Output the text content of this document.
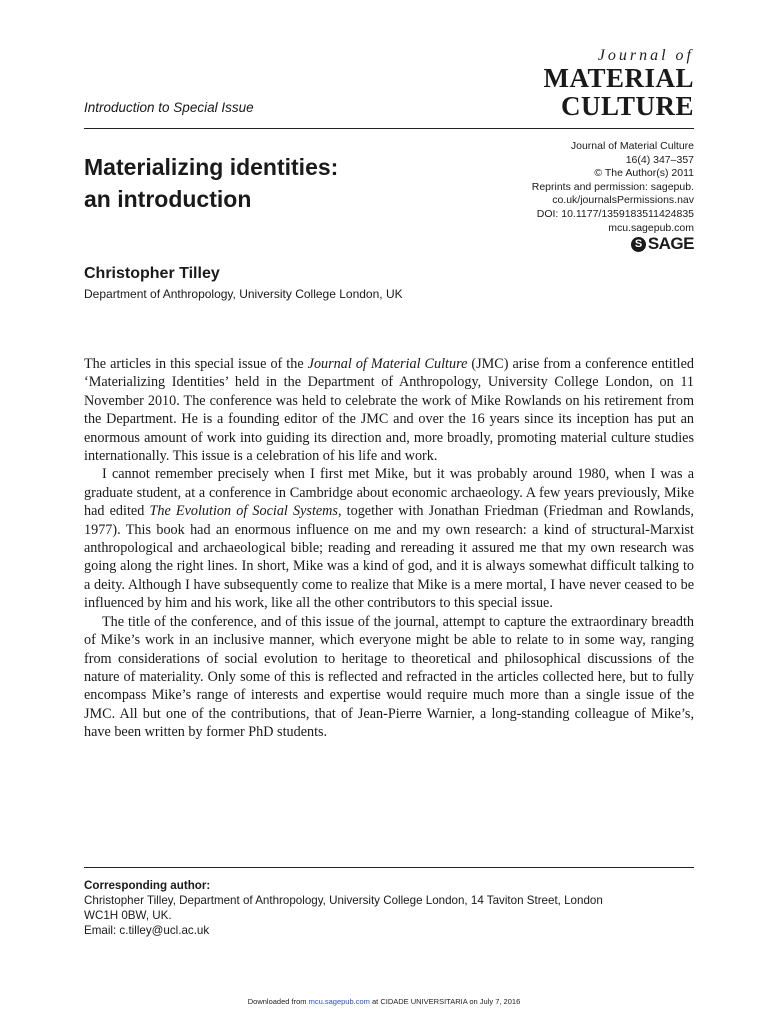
Journal of
MATERIAL
CULTURE
Introduction to Special Issue
Materializing identities:
an introduction
Journal of Material Culture
16(4) 347–357
© The Author(s) 2011
Reprints and permission: sagepub.
co.uk/journalsPermissions.nav
DOI: 10.1177/1359183511424835
mcu.sagepub.com
S SAGE
Christopher Tilley
Department of Anthropology, University College London, UK

The articles in this special issue of the Journal of Material Culture (JMC) arise from a conference entitled ‘Materializing Identities’ held in the Department of Anthropology, University College London, on 11 November 2010. The conference was held to celebrate the work of Mike Rowlands on his retirement from the Department. He is a founding editor of the JMC and over the 16 years since its inception has put an enormous amount of work into guiding its direction and, more broadly, promoting material culture studies internationally. This issue is a celebration of his life and work.

I cannot remember precisely when I first met Mike, but it was probably around 1980, when I was a graduate student, at a conference in Cambridge about economic archaeology. A few years previously, Mike had edited The Evolution of Social Systems, together with Jonathan Friedman (Friedman and Rowlands, 1977). This book had an enormous influence on me and my own research: a kind of structural-Marxist anthropological and archaeological bible; reading and rereading it assured me that my own research was going along the right lines. In short, Mike was a kind of god, and it is always somewhat difficult talking to a deity. Although I have subsequently come to realize that Mike is a mere mortal, I have never ceased to be influenced by him and his work, like all the other contributors to this special issue.

The title of the conference, and of this issue of the journal, attempt to capture the extraordinary breadth of Mike’s work in an inclusive manner, which everyone might be able to relate to in some way, ranging from considerations of social evolution to heritage to theoretical and philosophical discussions of the nature of materiality. Only some of this is reflected and refracted in the articles collected here, but to fully encompass Mike’s range of interests and expertise would require much more than a single issue of the JMC. All but one of the contributions, that of Jean-Pierre Warnier, a long-standing colleague of Mike’s, have been written by former PhD students.

Corresponding author:
Christopher Tilley, Department of Anthropology, University College London, 14 Taviton Street, London
WC1H 0BW, UK.
Email: c.tilley@ucl.ac.uk
Downloaded from mcu.sagepub.com at CIDADE UNIVERSITARIA on July 7, 2016
